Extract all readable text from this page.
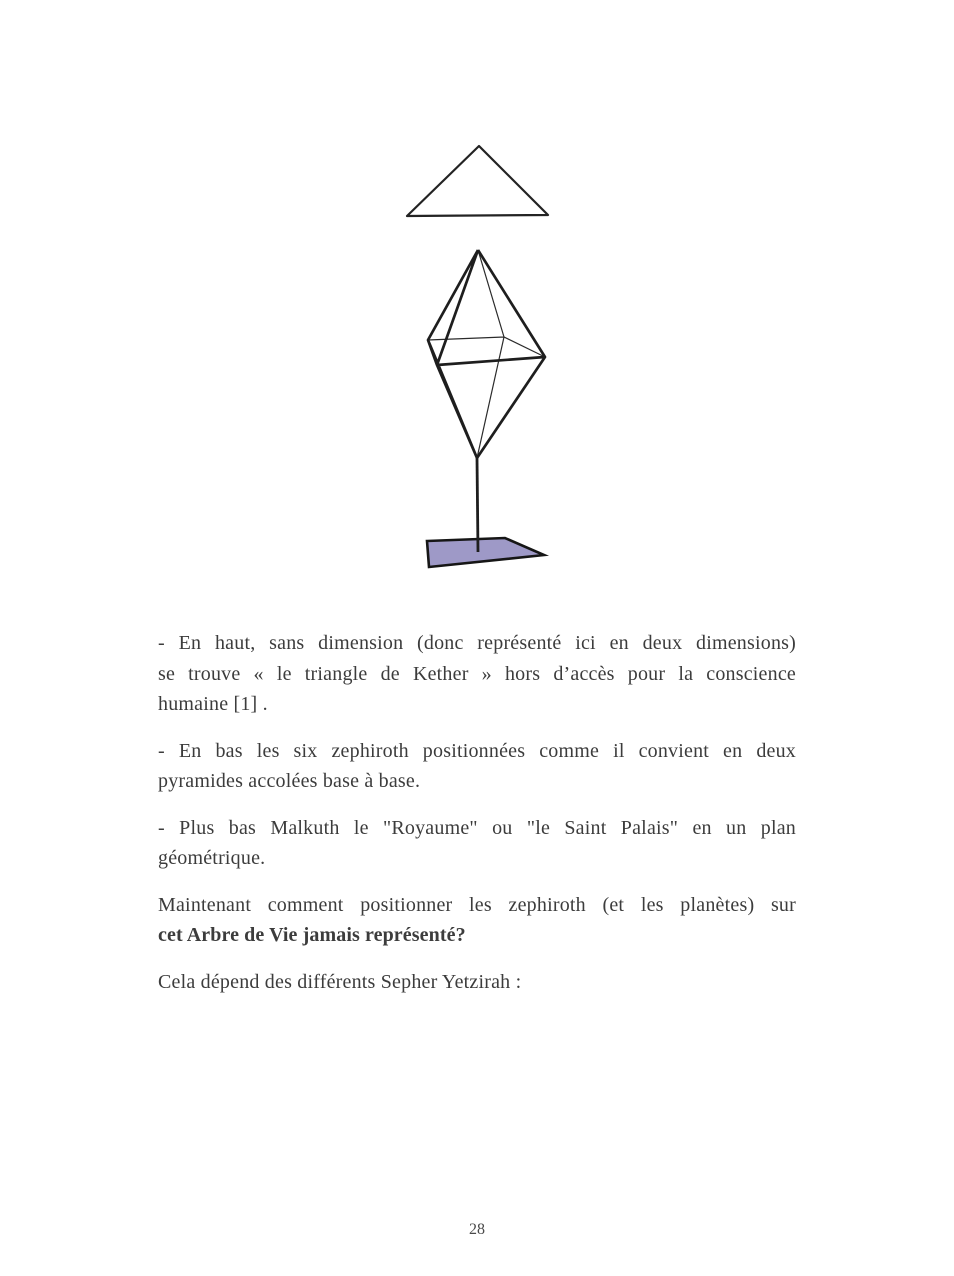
- En haut, sans dimension (donc représenté ici en deux dimensions)
se trouve « le triangle de Kether » hors d’accès pour la conscience
humaine [1] .
- En bas les six zephiroth positionnées comme il convient en deux
pyramides accolées base à base.
- Plus bas Malkuth le "Royaume" ou "le Saint Palais" en un plan
géométrique.
Maintenant comment positionner les zephiroth (et les planètes) sur
cet Arbre de Vie jamais représenté?
Cela dépend des différents Sepher Yetzirah :
28
